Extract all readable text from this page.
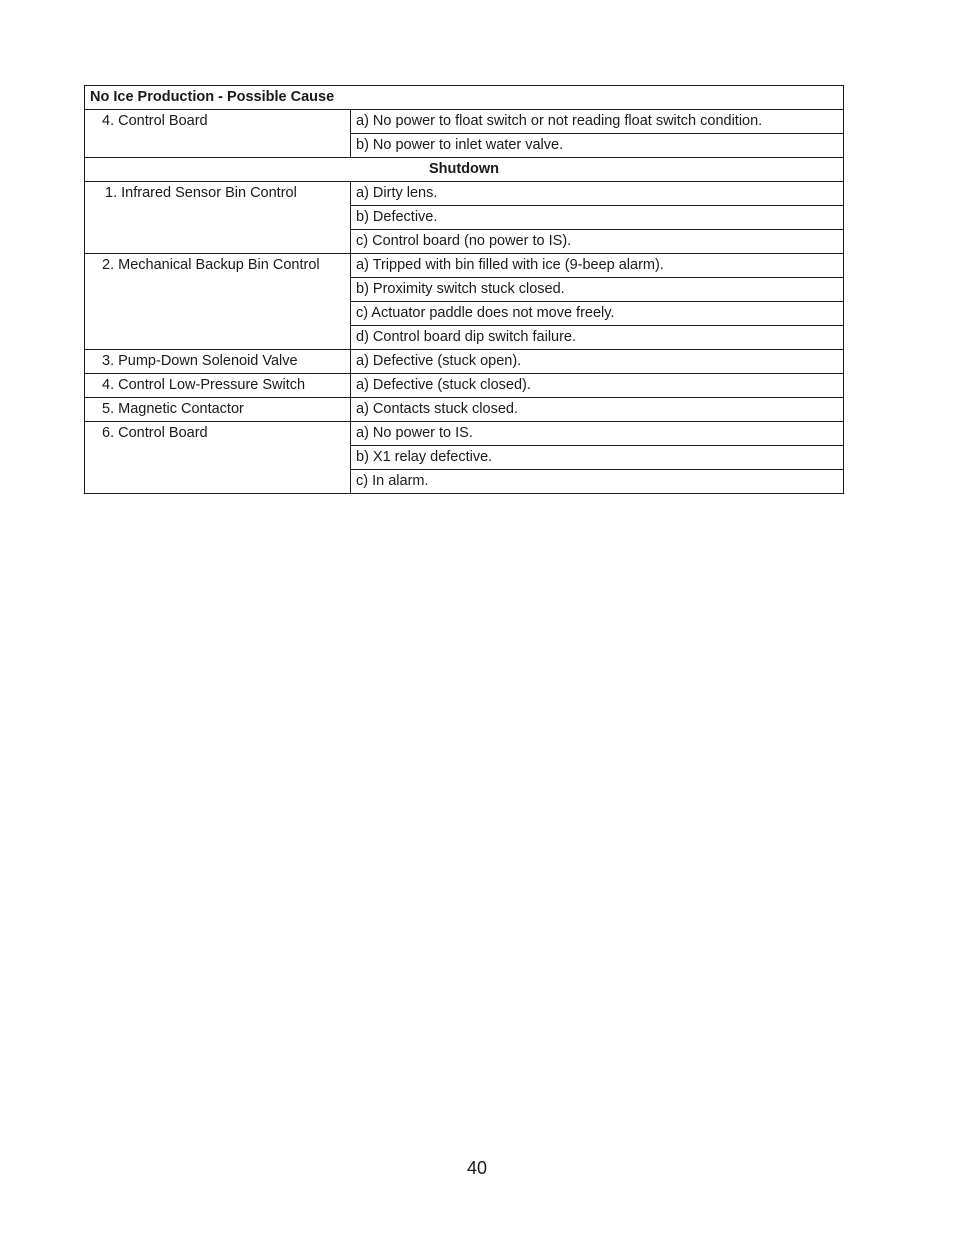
No Ice Production - Possible Cause	
4. Control Board	a) No power to float switch or not reading float switch condition.
	b) No power to inlet water valve.
Shutdown	
1. Infrared Sensor Bin Control	a) Dirty lens.
	b) Defective.
	c) Control board (no power to IS).
2. Mechanical Backup Bin Control	a) Tripped with bin filled with ice (9-beep alarm).
	b) Proximity switch stuck closed.
	c) Actuator paddle does not move freely.
	d) Control board dip switch failure.
3. Pump-Down Solenoid Valve	a) Defective (stuck open).
4. Control Low-Pressure Switch	a) Defective (stuck closed).
5. Magnetic Contactor	a) Contacts stuck closed.
6. Control Board	a) No power to IS.
	b) X1 relay defective.
	c) In alarm.
40
